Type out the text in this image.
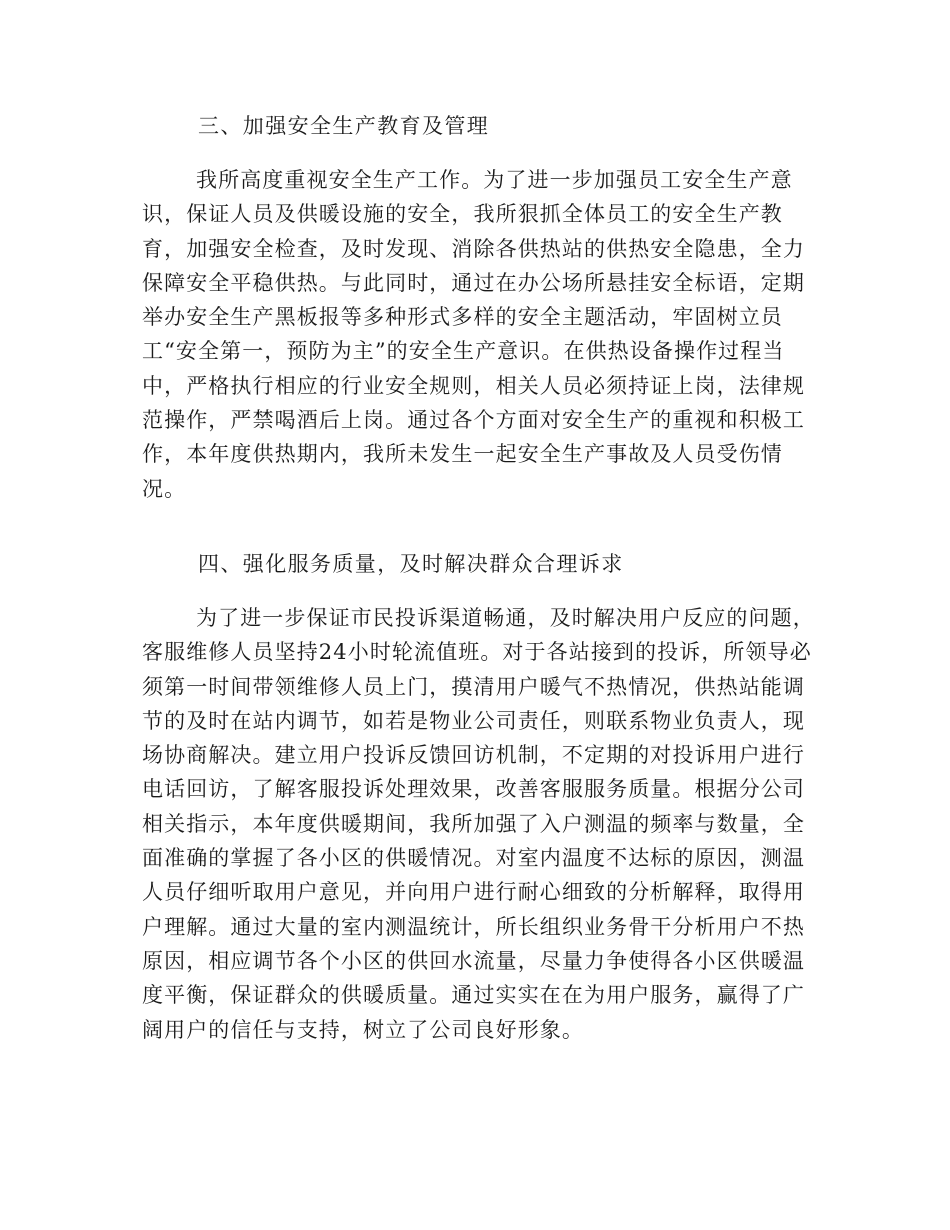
三、加强安全生产教育及管理
我所高度重视安全生产工作。为了进一步加强员工安全生产意
识，保证人员及供暖设施的安全，我所狠抓全体员工的安全生产教
育，加强安全检查，及时发现、消除各供热站的供热安全隐患，全力
保障安全平稳供热。与此同时，通过在办公场所悬挂安全标语，定期
举办安全生产黑板报等多种形式多样的安全主题活动，牢固树立员
工“安全第一，预防为主”的安全生产意识。在供热设备操作过程当
中，严格执行相应的行业安全规则，相关人员必须持证上岗，法律规
范操作，严禁喝酒后上岗。通过各个方面对安全生产的重视和积极工
作，本年度供热期内，我所未发生一起安全生产事故及人员受伤情
况。
四、强化服务质量，及时解决群众合理诉求
为了进一步保证市民投诉渠道畅通，及时解决用户反应的问题，
客服维修人员坚持24小时轮流值班。对于各站接到的投诉，所领导必
须第一时间带领维修人员上门，摸清用户暖气不热情况，供热站能调
节的及时在站内调节，如若是物业公司责任，则联系物业负责人，现
场协商解决。建立用户投诉反馈回访机制，不定期的对投诉用户进行
电话回访，了解客服投诉处理效果，改善客服服务质量。根据分公司
相关指示，本年度供暖期间，我所加强了入户测温的频率与数量，全
面准确的掌握了各小区的供暖情况。对室内温度不达标的原因，测温
人员仔细听取用户意见，并向用户进行耐心细致的分析解释，取得用
户理解。通过大量的室内测温统计，所长组织业务骨干分析用户不热
原因，相应调节各个小区的供回水流量，尽量力争使得各小区供暖温
度平衡，保证群众的供暖质量。通过实实在在为用户服务，赢得了广
阔用户的信任与支持，树立了公司良好形象。
